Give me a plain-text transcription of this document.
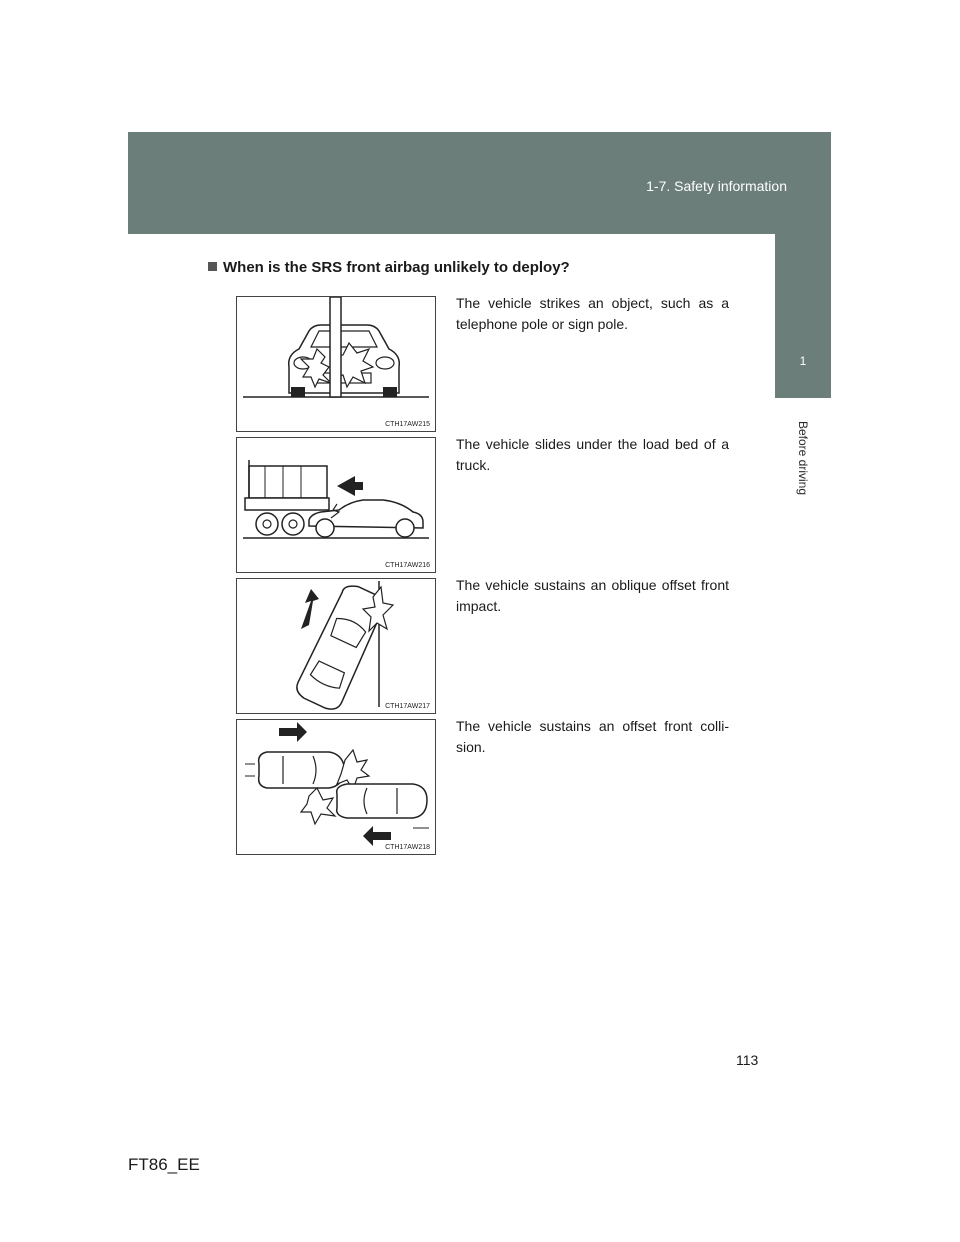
1-7. Safety information
1
Before driving
When is the SRS front airbag unlikely to deploy?
CTH17AW215
The vehicle strikes an object, such as a telephone pole or sign pole.
CTH17AW216
The vehicle slides under the load bed of a truck.
CTH17AW217
The vehicle sustains an oblique offset front impact.
CTH17AW218
The vehicle sustains an offset front colli-sion.
113
FT86_EE
